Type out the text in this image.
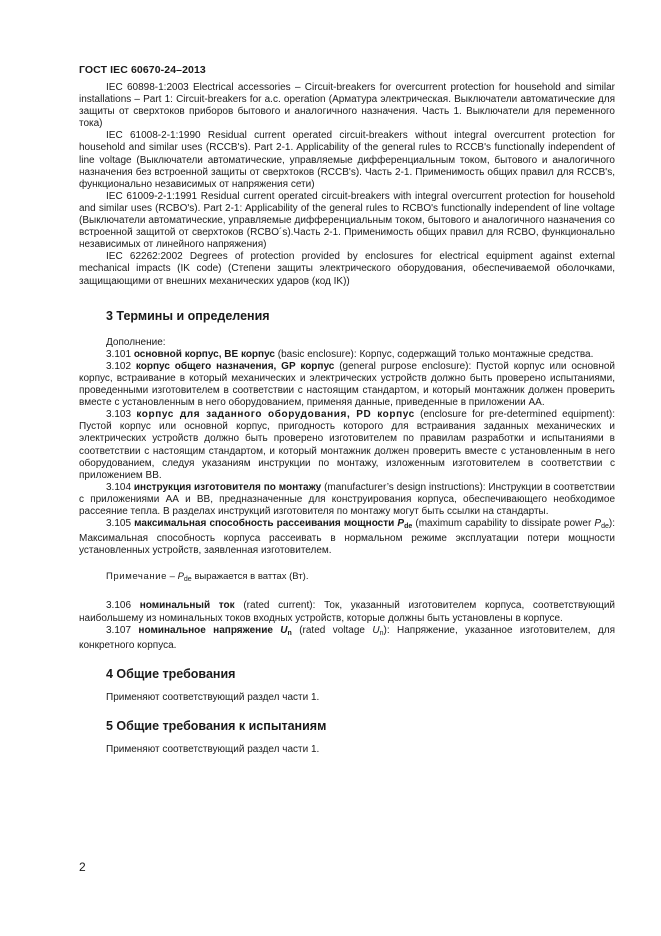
ГОСТ IEC 60670-24–2013

IEC 60898-1:2003 Electrical accessories – Circuit-breakers for overcurrent protection for household and similar installations – Part 1: Circuit-breakers for a.c. operation (Арматура электрическая. Выключатели автоматические для защиты от сверхтоков приборов бытового и аналогичного назначения. Часть 1. Выключатели для переменного тока)

IEC 61008-2-1:1990 Residual current operated circuit-breakers without integral overcurrent protection for household and similar uses (RCCB's). Part 2-1. Applicability of the general rules to RCCB's functionally independent of line voltage (Выключатели автоматические, управляемые дифференциальным током, бытового и аналогичного назначения без встроенной защиты от сверхтоков (RCCB's). Часть 2-1. Применимость общих правил для RCCB's, функционально независимых от напряжения сети)

IEC 61009-2-1:1991 Residual current operated circuit-breakers with integral overcurrent protection for household and similar uses (RCBO's). Part 2-1: Applicability of the general rules to RCBO's functionally independent of line voltage (Выключатели автоматические, управляемые дифференциальным током, бытового и аналогичного назначения со встроенной защитой от сверхтоков (RCBO´s).Часть 2-1. Применимость общих правил для RCBO, функционально независимых от линейного напряжения)

IEC 62262:2002 Degrees of protection provided by enclosures for electrical equipment against external mechanical impacts (IK code) (Степени защиты электрического оборудования, обеспечиваемой оболочками, защищающими от внешних механических ударов (код IK))

3 Термины и определения

Дополнение:

3.101 основной корпус, BE корпус (basic enclosure): Корпус, содержащий только монтажные средства.

3.102 корпус общего назначения, GP корпус (general purpose enclosure): Пустой корпус или основной корпус, встраивание в который механических и электрических устройств должно быть проверено испытаниями, проведенными изготовителем в соответствии с настоящим стандартом, и который монтажник должен проверить вместе с установленным в него оборудованием, применяя данные, приведенные в приложении АА.

3.103 корпус для заданного оборудования, PD корпус (enclosure for pre-determined equipment): Пустой корпус или основной корпус, пригодность которого для встраивания заданных механических и электрических устройств должно быть проверено изготовителем по правилам разработки и испытаниями в соответствии с настоящим стандартом, и который монтажник должен проверить вместе с установленным в него оборудованием, следуя указаниям инструкции по монтажу, изложенным изготовителем в соответствии с приложением ВВ.

3.104 инструкция изготовителя по монтажу (manufacturer’s design instructions): Инструкции в соответствии с приложениями АА и ВВ, предназначенные для конструирования корпуса, обеспечивающего необходимое рассеяние тепла. В разделах инструкций изготовителя по монтажу могут быть ссылки на стандарты.

3.105 максимальная способность рассеивания мощности $P_{de}$ (maximum capability to dissipate power $P_{de}$): Максимальная способность корпуса рассеивать в нормальном режиме эксплуатации потери мощности установленных устройств, заявленная изготовителем.

Примечание – $P_{de}$ выражается в ваттах (Вт).

3.106 номинальный ток (rated current): Ток, указанный изготовителем корпуса, соответствующий наибольшему из номинальных токов входных устройств, которые должны быть установлены в корпусе.

3.107 номинальное напряжение $U_n$ (rated voltage $U_n$): Напряжение, указанное изготовителем, для конкретного корпуса.

4 Общие требования

Применяют соответствующий раздел части 1.

5 Общие требования к испытаниям

Применяют соответствующий раздел части 1.

2
